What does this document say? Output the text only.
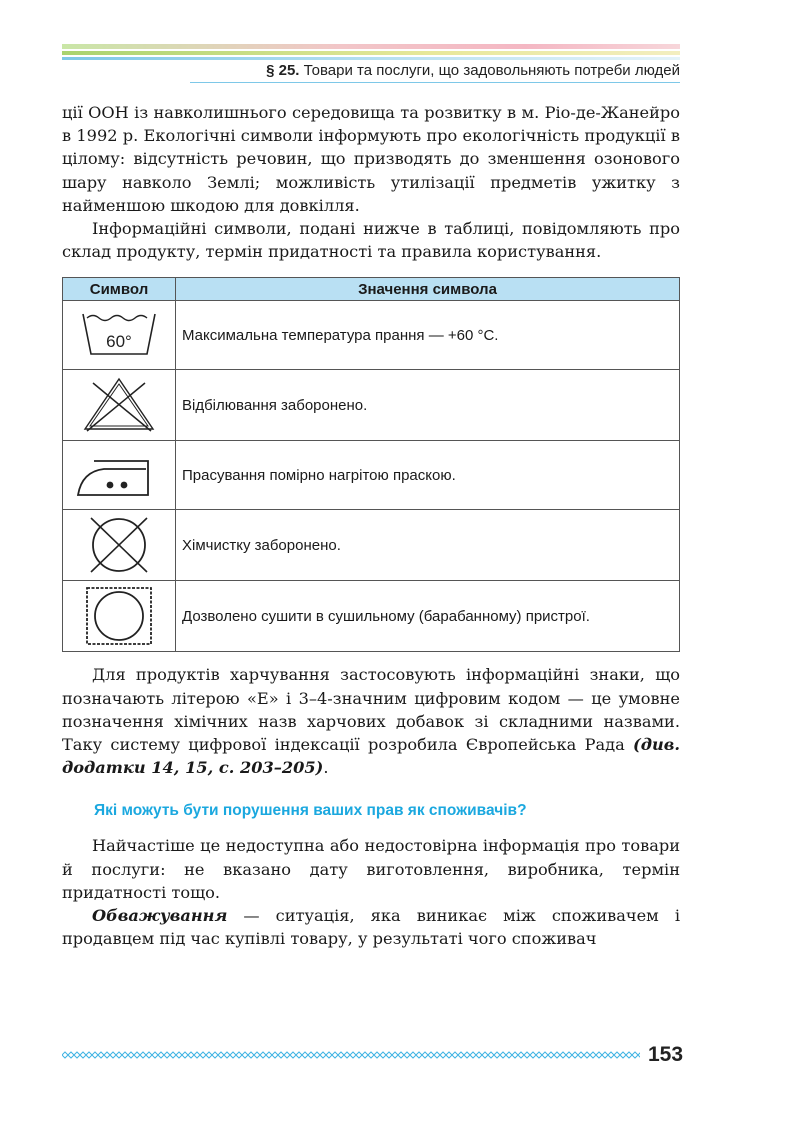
§ 25. Товари та послуги, що задовольняють потреби людей

ції ООН із навколишнього середовища та розвитку в м. Ріо-де-Жанейро в 1992 р. Екологічні символи інформують про екологічність продукції в цілому: відсутність речовин, що призводять до зменшення озонового шару навколо Землі; можливість утилізації предметів ужитку з найменшою шкодою для довкілля.

Інформаційні символи, подані нижче в таблиці, повідомляють про склад продукту, термін придатності та правила користування.

Символ	Значення символа

60°	Максимальна температура прання — +60 °С.

	Відбілювання заборонено.

	Прасування помірно нагрітою праскою.

	Хімчистку заборонено.

	Дозволено сушити в сушильному (барабанному) пристрої.

Для продуктів харчування застосовують інформаційні знаки, що позначають літерою «Е» і 3–4-значним цифровим кодом — це умовне позначення хімічних назв харчових добавок зі складними назвами. Таку систему цифрової індексації розробила Європейська Рада (див. додатки 14, 15, с. 203–205).

Які можуть бути порушення ваших прав як споживачів?

Найчастіше це недоступна або недостовірна інформація про товари й послуги: не вказано дату виготовлення, виробника, термін придатності тощо.

Обважування — ситуація, яка виникає між споживачем і продавцем під час купівлі товару, у результаті чого споживач

153
